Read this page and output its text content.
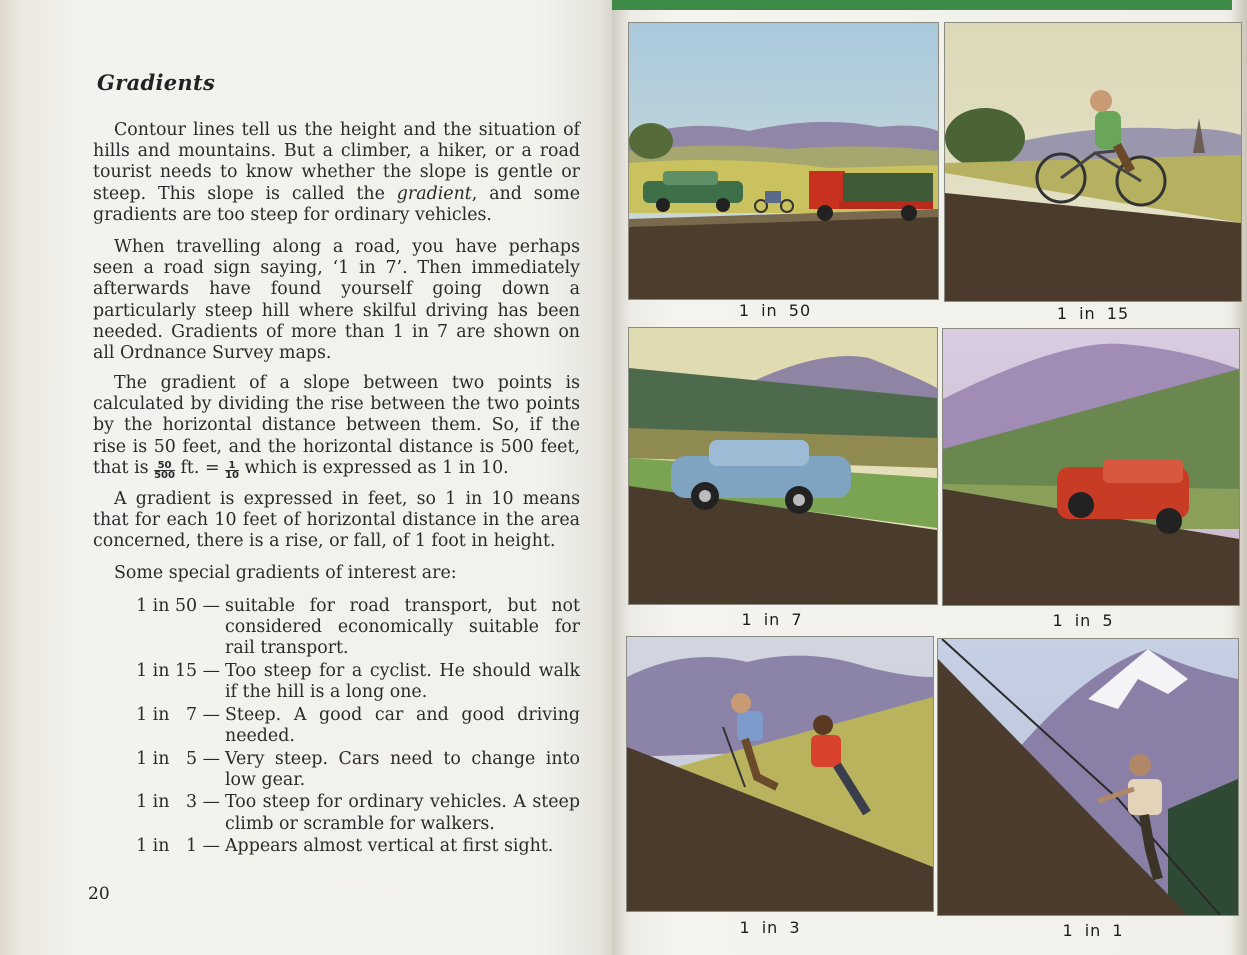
Gradients

Contour lines tell us the height and the situation of hills and mountains. But a climber, a hiker, or a road tourist needs to know whether the slope is gentle or steep. This slope is called the gradient, and some gradients are too steep for ordinary vehicles.

When travelling along a road, you have perhaps seen a road sign saying, ‘1 in 7’. Then immediately afterwards have found yourself going down a particularly steep hill where skilful driving has been needed. Gradients of more than 1 in 7 are shown on all Ordnance Survey maps.

The gradient of a slope between two points is calculated by dividing the rise between the two points by the horizontal distance between them. So, if the rise is 50 feet, and the horizontal distance is 500 feet, that is $\frac{50}{500}$ ft. = $\frac{1}{10}$ which is expressed as 1 in 10.

A gradient is expressed in feet, so 1 in 10 means that for each 10 feet of horizontal distance in the area concerned, there is a rise, or fall, of 1 foot in height.

Some special gradients of interest are:

1 in 50 — suitable for road transport, but not considered economically suitable for rail transport.
1 in 15 — Too steep for a cyclist. He should walk if the hill is a long one.
1 in   7 — Steep. A good car and good driving needed.
1 in   5 — Very steep. Cars need to change into low gear.
1 in   3 — Too steep for ordinary vehicles. A steep climb or scramble for walkers.
1 in   1 — Appears almost vertical at first sight.
20
1 in 50	1 in 15
1 in 7	1 in 5
1 in 3	1 in 1
